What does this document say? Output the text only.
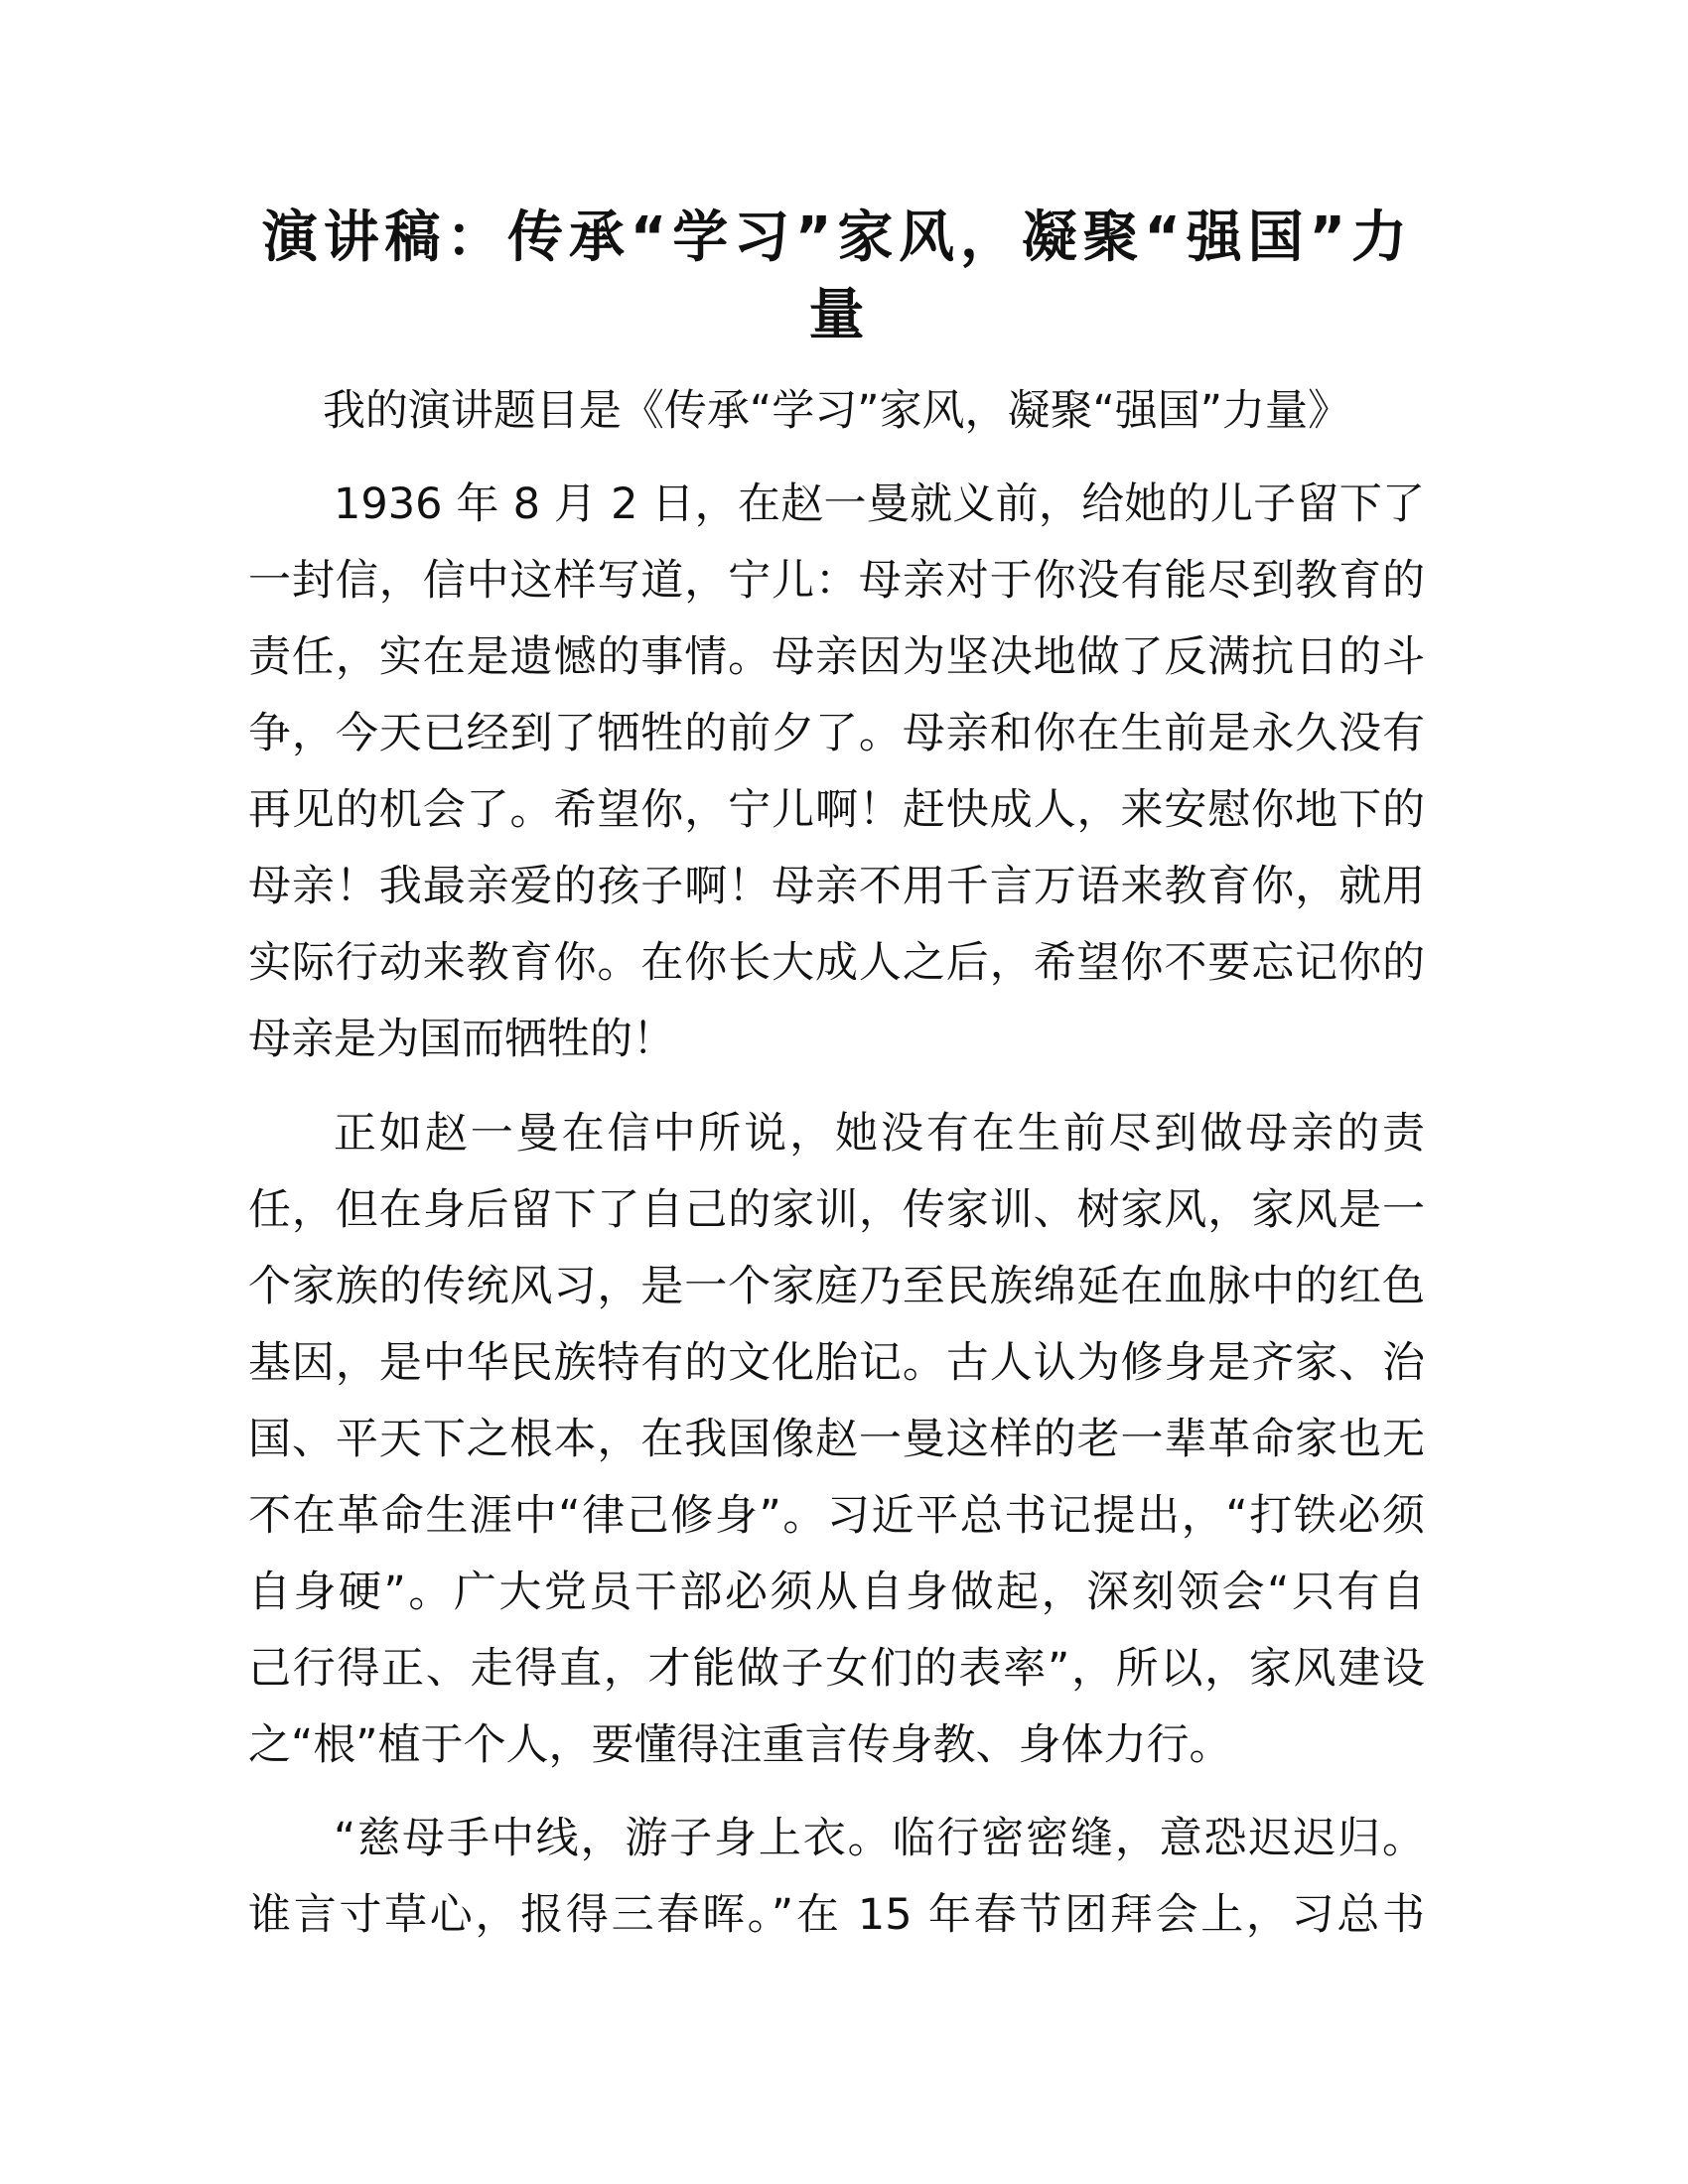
演讲稿：传承“学习”家风，凝聚“强国”力
量
我的演讲题目是《传承“学习”家风，凝聚“强国”力量》
1936 年 8 月 2 日，在赵一曼就义前，给她的儿子留下了
一封信，信中这样写道，宁儿：母亲对于你没有能尽到教育的
责任，实在是遗憾的事情。母亲因为坚决地做了反满抗日的斗
争，今天已经到了牺牲的前夕了。母亲和你在生前是永久没有
再见的机会了。希望你，宁儿啊！赶快成人，来安慰你地下的
母亲！我最亲爱的孩子啊！母亲不用千言万语来教育你，就用
实际行动来教育你。在你长大成人之后，希望你不要忘记你的
母亲是为国而牺牲的！
正如赵一曼在信中所说，她没有在生前尽到做母亲的责
任，但在身后留下了自己的家训，传家训、树家风，家风是一
个家族的传统风习，是一个家庭乃至民族绵延在血脉中的红色
基因，是中华民族特有的文化胎记。古人认为修身是齐家、治
国、平天下之根本，在我国像赵一曼这样的老一辈革命家也无
不在革命生涯中“律己修身”。习近平总书记提出，“打铁必须
自身硬”。广大党员干部必须从自身做起，深刻领会“只有自
己行得正、走得直，才能做子女们的表率”，所以，家风建设
之“根”植于个人，要懂得注重言传身教、身体力行。
“慈母手中线，游子身上衣。临行密密缝，意恐迟迟归。
谁言寸草心，报得三春晖。”在 15 年春节团拜会上，习总书
